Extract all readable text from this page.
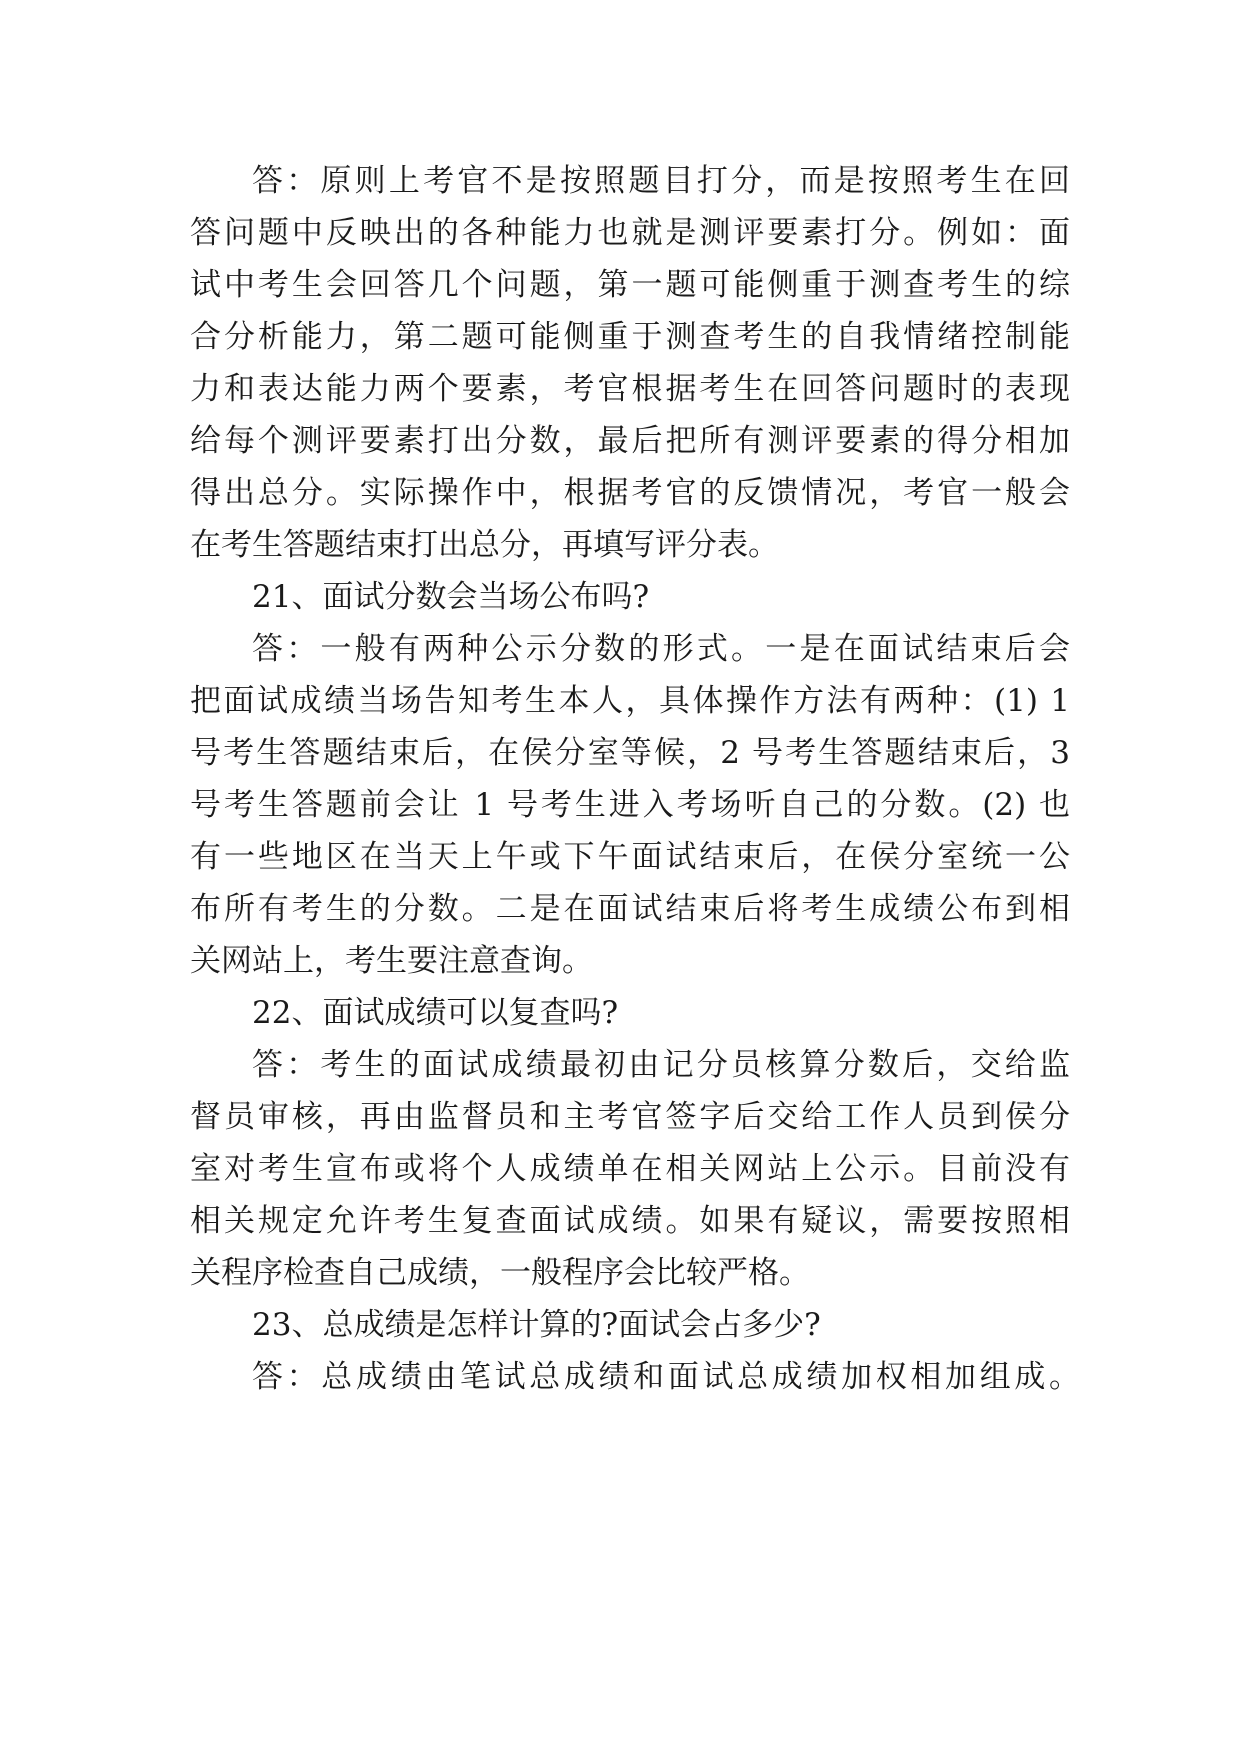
答：原则上考官不是按照题目打分，而是按照考生在回
答问题中反映出的各种能力也就是测评要素打分。例如：面
试中考生会回答几个问题，第一题可能侧重于测查考生的综
合分析能力，第二题可能侧重于测查考生的自我情绪控制能
力和表达能力两个要素，考官根据考生在回答问题时的表现
给每个测评要素打出分数，最后把所有测评要素的得分相加
得出总分。实际操作中，根据考官的反馈情况，考官一般会
在考生答题结束打出总分，再填写评分表。
21、面试分数会当场公布吗?
答：一般有两种公示分数的形式。一是在面试结束后会
把面试成绩当场告知考生本人，具体操作方法有两种：(1) 1
号考生答题结束后，在侯分室等候，2 号考生答题结束后，3
号考生答题前会让 1 号考生进入考场听自己的分数。(2) 也
有一些地区在当天上午或下午面试结束后，在侯分室统一公
布所有考生的分数。二是在面试结束后将考生成绩公布到相
关网站上，考生要注意查询。
22、面试成绩可以复查吗?
答：考生的面试成绩最初由记分员核算分数后，交给监
督员审核，再由监督员和主考官签字后交给工作人员到侯分
室对考生宣布或将个人成绩单在相关网站上公示。目前没有
相关规定允许考生复查面试成绩。如果有疑议，需要按照相
关程序检查自己成绩，一般程序会比较严格。
23、总成绩是怎样计算的?面试会占多少?
答：总成绩由笔试总成绩和面试总成绩加权相加组成。
